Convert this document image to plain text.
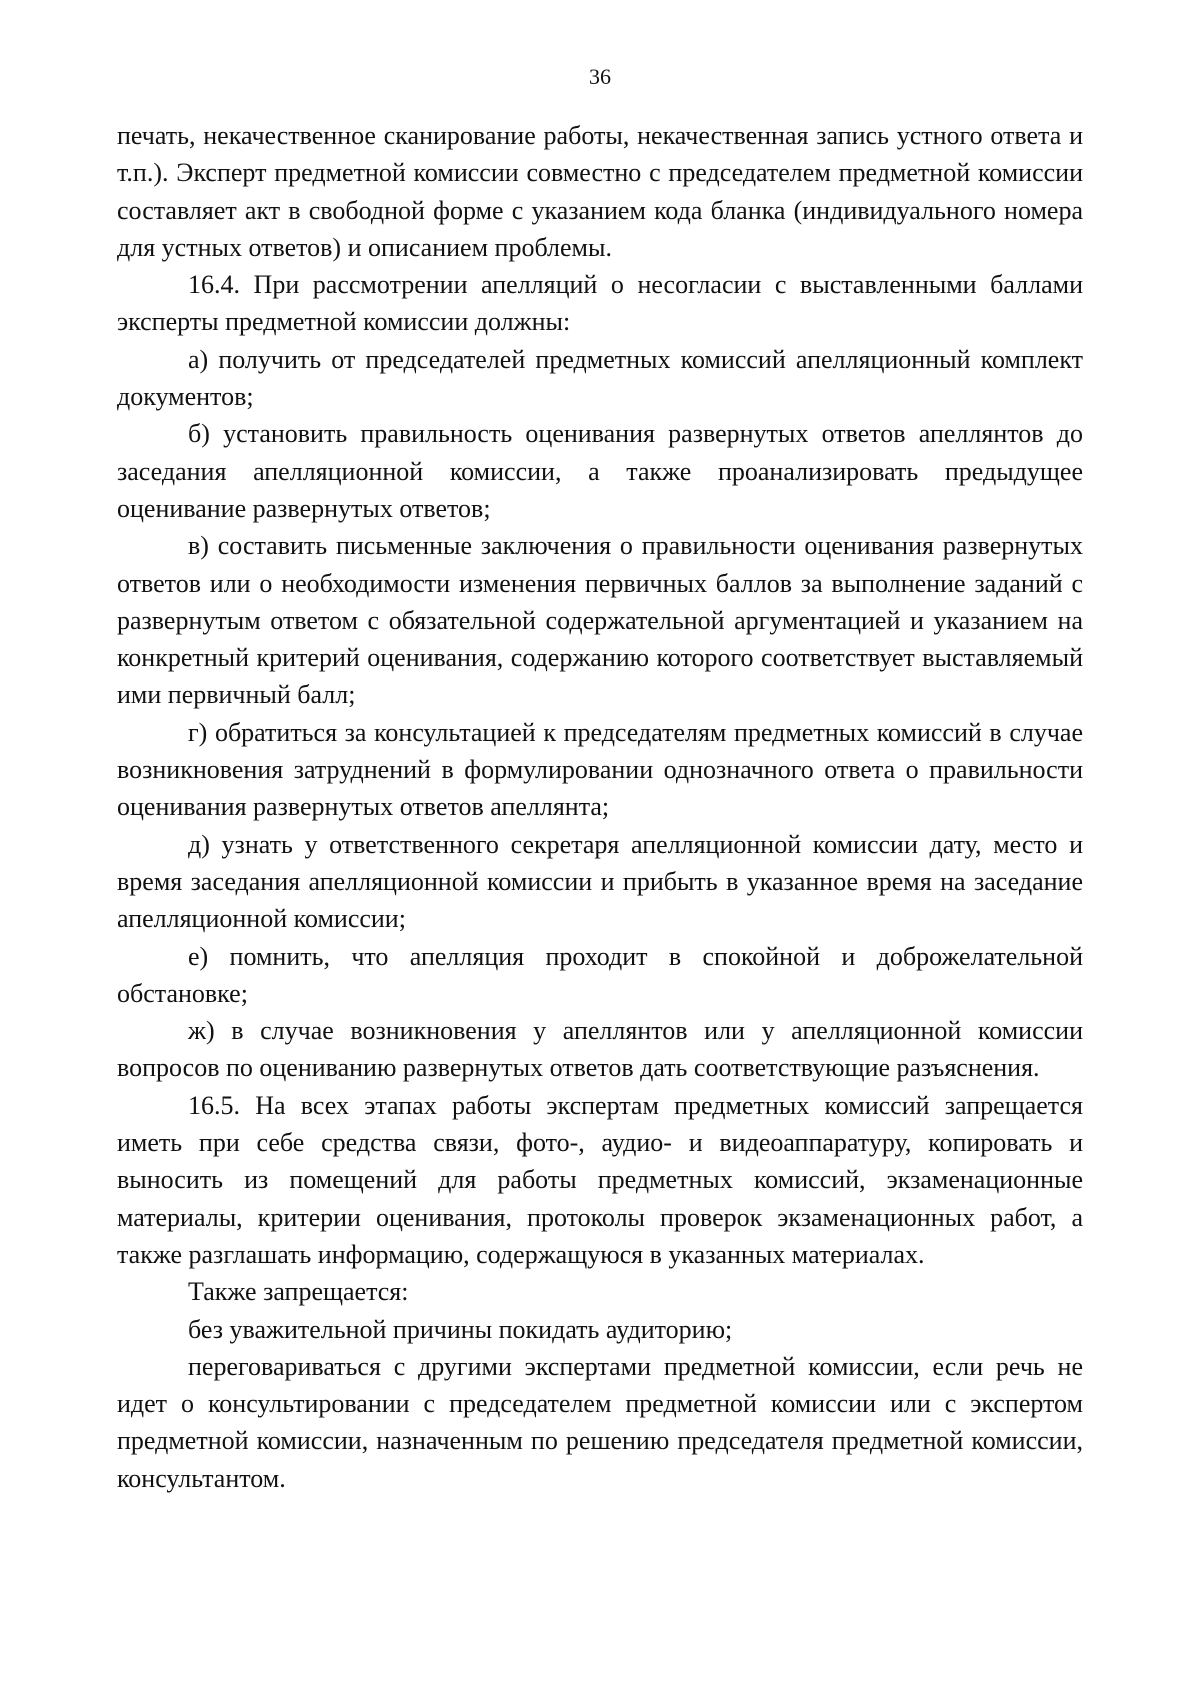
36

печать, некачественное сканирование работы, некачественная запись устного ответа и т.п.). Эксперт предметной комиссии совместно с председателем предметной комиссии составляет акт в свободной форме с указанием кода бланка (индивидуального номера для устных ответов) и описанием проблемы.

16.4. При рассмотрении апелляций о несогласии с выставленными баллами эксперты предметной комиссии должны:

а) получить от председателей предметных комиссий апелляционный комплект документов;

б) установить правильность оценивания развернутых ответов апеллянтов до заседания апелляционной комиссии, а также проанализировать предыдущее оценивание развернутых ответов;

в) составить письменные заключения о правильности оценивания развернутых ответов или о необходимости изменения первичных баллов за выполнение заданий с развернутым ответом с обязательной содержательной аргументацией и указанием на конкретный критерий оценивания, содержанию которого соответствует выставляемый ими первичный балл;

г) обратиться за консультацией к председателям предметных комиссий в случае возникновения затруднений в формулировании однозначного ответа о правильности оценивания развернутых ответов апеллянта;

д) узнать у ответственного секретаря апелляционной комиссии дату, место и время заседания апелляционной комиссии и прибыть в указанное время на заседание апелляционной комиссии;

е) помнить, что апелляция проходит в спокойной и доброжелательной обстановке;

ж) в случае возникновения у апеллянтов или у апелляционной комиссии вопросов по оцениванию развернутых ответов дать соответствующие разъяснения.

16.5. На всех этапах работы экспертам предметных комиссий запрещается иметь при себе средства связи, фото-, аудио- и видеоаппаратуру, копировать и выносить из помещений для работы предметных комиссий, экзаменационные материалы, критерии оценивания, протоколы проверок экзаменационных работ, а также разглашать информацию, содержащуюся в указанных материалах.

Также запрещается:

без уважительной причины покидать аудиторию;

переговариваться с другими экспертами предметной комиссии, если речь не идет о консультировании с председателем предметной комиссии или с экспертом предметной комиссии, назначенным по решению председателя предметной комиссии, консультантом.
